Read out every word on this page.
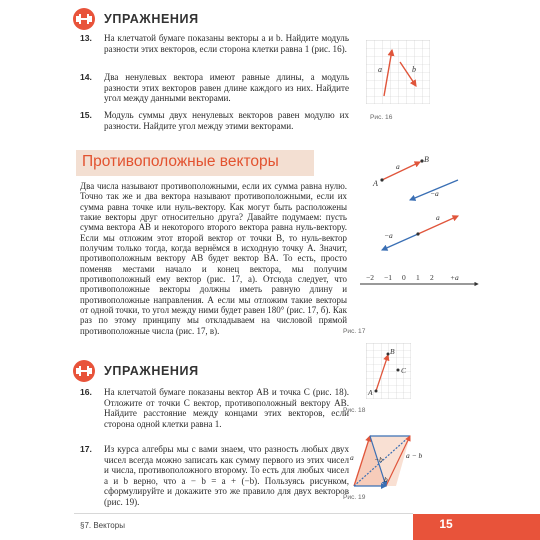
УПРАЖНЕНИЯ
13. На клетчатой бумаге показаны векторы a и b. Найдите модуль разности этих векторов, если сторона клетки равна 1 (рис. 16).
14. Два ненулевых вектора имеют равные длины, а модуль разности этих векторов равен длине каждого из них. Найдите угол между данными векторами.
15. Модуль суммы двух ненулевых векторов равен модулю их разности. Найдите угол между этими векторами.
a	b
Рис. 16
Противоположные векторы
Два числа называют противоположными, если их сумма равна нулю. Точно так же и два вектора называют противоположными, если их сумма равна точке или нуль-вектору. Как могут быть расположены такие векторы друг относительно друга? Давайте подумаем: пусть сумма вектора AB и некоторого второго вектора равна нуль-вектору. Если мы отложим этот второй вектор от точки B, то нуль-вектор получим только тогда, когда вернёмся в исходную точку A. Значит, противоположным вектору AB будет вектор BA. То есть, просто поменяв местами начало и конец вектора, мы получим противоположный ему вектор (рис. 17, а). Отсюда следует, что противоположные векторы должны иметь равную длину и противоположные направления. А если мы отложим такие векторы от одной точки, то угол между ними будет равен 180° (рис. 17, б). Как раз по этому принципу мы откладываем на числовой прямой противоположные числа (рис. 17, в).
B
A
a
−a
a
−a
−2 −1 0 1 2 +a
Рис. 17
УПРАЖНЕНИЯ
16. На клетчатой бумаге показаны вектор AB и точка C (рис. 18). Отложите от точки C вектор, противоположный вектору AB. Найдите расстояние между концами этих векторов, если сторона одной клетки равна 1.
17. Из курса алгебры мы с вами знаем, что разность любых двух чисел всегда можно записать как сумму первого из этих чисел и числа, противоположного второму. То есть для любых чисел a и b верно, что a − b = a + (−b). Пользуясь рисунком, сформулируйте и докажите это же правило для двух векторов (рис. 19).
B
A
C
Рис. 18
a	−b	a − b
b
Рис. 19
§7. Векторы	15
